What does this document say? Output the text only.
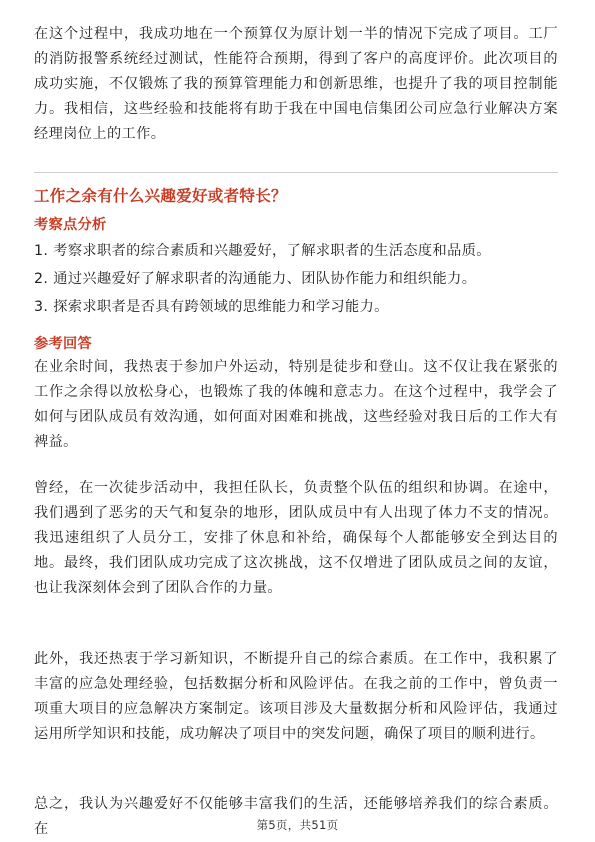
在这个过程中，我成功地在一个预算仅为原计划一半的情况下完成了项目。工厂的消防报警系统经过测试，性能符合预期，得到了客户的高度评价。此次项目的成功实施，不仅锻炼了我的预算管理能力和创新思维，也提升了我的项目控制能力。我相信，这些经验和技能将有助于我在中国电信集团公司应急行业解决方案经理岗位上的工作。

工作之余有什么兴趣爱好或者特长？
考察点分析

1. 考察求职者的综合素质和兴趣爱好，了解求职者的生活态度和品质。

2. 通过兴趣爱好了解求职者的沟通能力、团队协作能力和组织能力。

3. 探索求职者是否具有跨领域的思维能力和学习能力。

参考回答

在业余时间，我热衷于参加户外运动，特别是徒步和登山。这不仅让我在紧张的工作之余得以放松身心，也锻炼了我的体魄和意志力。在这个过程中，我学会了如何与团队成员有效沟通，如何面对困难和挑战，这些经验对我日后的工作大有裨益。

曾经，在一次徒步活动中，我担任队长，负责整个队伍的组织和协调。在途中，我们遇到了恶劣的天气和复杂的地形，团队成员中有人出现了体力不支的情况。我迅速组织了人员分工，安排了休息和补给，确保每个人都能够安全到达目的地。最终，我们团队成功完成了这次挑战，这不仅增进了团队成员之间的友谊，也让我深刻体会到了团队合作的力量。

此外，我还热衷于学习新知识，不断提升自己的综合素质。在工作中，我积累了丰富的应急处理经验，包括数据分析和风险评估。在我之前的工作中，曾负责一项重大项目的应急解决方案制定。该项目涉及大量数据分析和风险评估，我通过运用所学知识和技能，成功解决了项目中的突发问题，确保了项目的顺利进行。

总之，我认为兴趣爱好不仅能够丰富我们的生活，还能够培养我们的综合素质。在	第5页，共51页
